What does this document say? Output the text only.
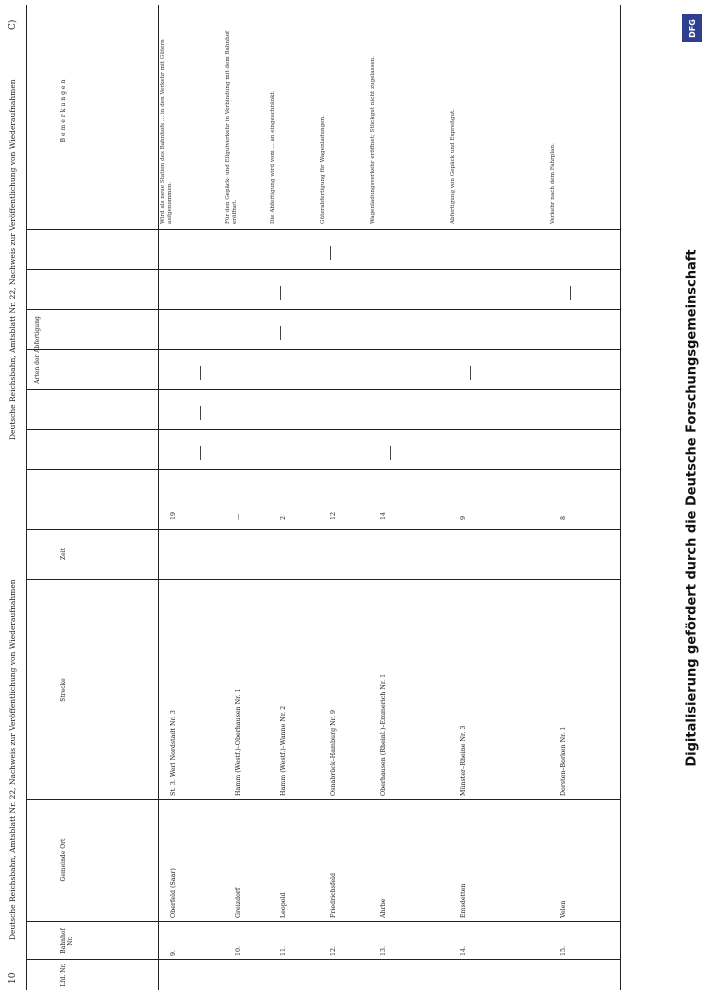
10
Deutsche Reichsbahn, Amtsblatt Nr. 22, Nachweis zur Veröffentlichung von Wiederaufnahmen
Deutsche Reichsbahn, Amtsblatt Nr. 22, Nachweis zur Veröffentlichung von Wiederaufnahmen
C)
Lfd. Nr.
Bahnhof Nr.
Gemeinde Ort
Strecke
Zeit
Arten der Abfertigung
Bemerkungen
9.
Oberfeld (Saar)
St. 3. Werl Nordstadt Nr. 3
19
Wird als neue Station des Bahnhofs ... in den Verkehr mit Gütern aufgenommen.
10.
Greizdorf
Hamm (Westf.)–Oberhausen Nr. 1
—
Für den Gepäck- und Eilgutverkehr in Verbindung mit dem Bahnhof eröffnet.
11.
Leopold
Hamm (Westf.)–Wanne Nr. 2
2
Die Abfertigung wird vom ... an eingeschränkt.
12.
Friedrichsfeld
Osnabrück–Hamburg Nr. 9
12
Güterabfertigung für Wagenladungen.
13.
Ahrbe
Oberhausen (Rheinl.)–Emmerich Nr. 1
14
Wagenladungsverkehr eröffnet; Stückgut nicht zugelassen.
14.
Emsdetten
Münster–Rheine Nr. 3
9
Abfertigung von Gepäck und Expreßgut.
15.
Velen
Dorsten–Borken Nr. 1
8
Verkehr nach dem Fahrplan.
DFG
Digitalisierung gefördert durch die Deutsche Forschungsgemeinschaft
